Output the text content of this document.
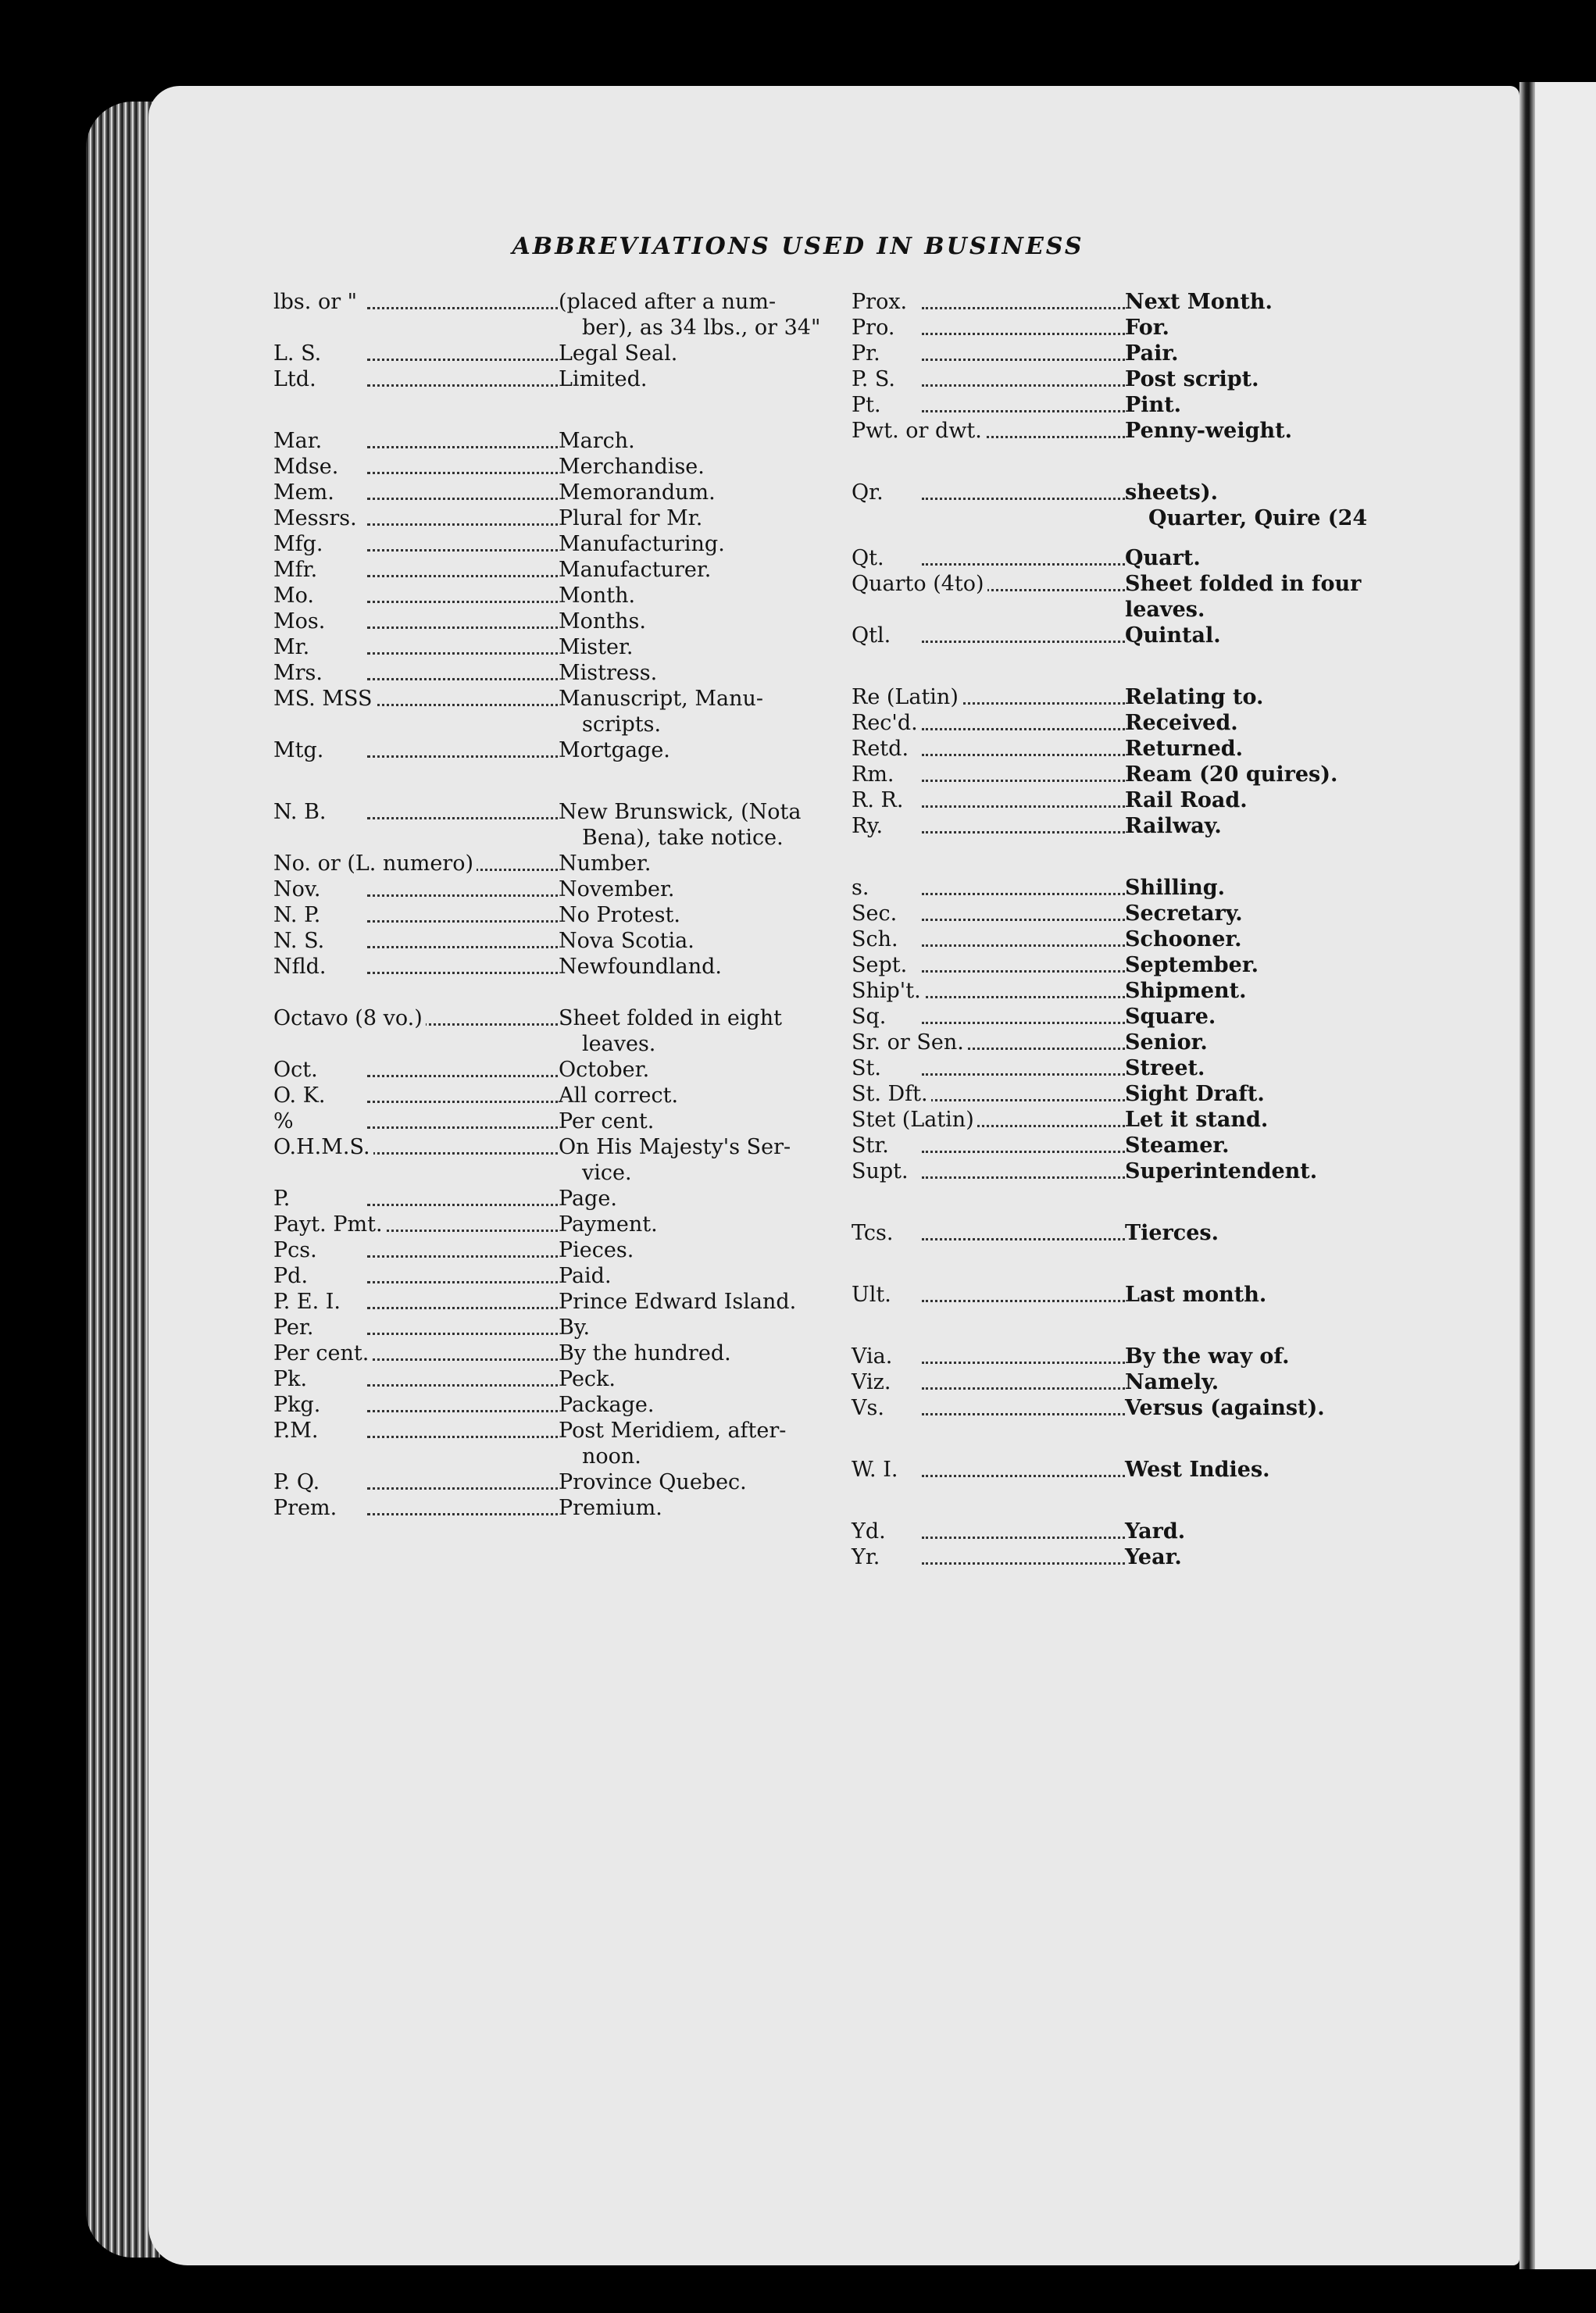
ABBREVIATIONS USED IN BUSINESS
lbs. or "	(placed after a num-
ber), as 34 lbs., or 34"
L. S.	Legal Seal.
Ltd.	Limited.
Mar.	March.
Mdse.	Merchandise.
Mem.	Memorandum.
Messrs.	Plural for Mr.
Mfg.	Manufacturing.
Mfr.	Manufacturer.
Mo.	Month.
Mos.	Months.
Mr.	Mister.
Mrs.	Mistress.
MS. MSS	Manuscript, Manu-
scripts.
Mtg.	Mortgage.
N. B.	New Brunswick, (Nota
Bena), take notice.
No. or (L. numero)	Number.
Nov.	November.
N. P.	No Protest.
N. S.	Nova Scotia.
Nfld.	Newfoundland.
Octavo (8 vo.)	Sheet folded in eight
leaves.
Oct.	October.
O. K.	All correct.
%	Per cent.
O.H.M.S.	On His Majesty's Ser-
vice.
P.	Page.
Payt. Pmt.	Payment.
Pcs.	Pieces.
Pd.	Paid.
P. E. I.	Prince Edward Island.
Per.	By.
Per cent.	By the hundred.
Pk.	Peck.
Pkg.	Package.
P.M.	Post Meridiem, after-
noon.
P. Q.	Province Quebec.
Prem.	Premium.
Prox.	Next Month.
Pro.	For.
Pr.	Pair.
P. S.	Post script.
Pt.	Pint.
Pwt. or dwt.	Penny-weight.
Qr.	sheets).
Quarter, Quire (24
Qt.	Quart.
Quarto (4to)	Sheet folded in four leaves.
Qtl.	Quintal.
Re (Latin)	Relating to.
Rec'd.	Received.
Retd.	Returned.
Rm.	Ream (20 quires).
R. R.	Rail Road.
Ry.	Railway.
s.	Shilling.
Sec.	Secretary.
Sch.	Schooner.
Sept.	September.
Ship't.	Shipment.
Sq.	Square.
Sr. or Sen.	Senior.
St.	Street.
St. Dft.	Sight Draft.
Stet (Latin)	Let it stand.
Str.	Steamer.
Supt.	Superintendent.
Tcs.	Tierces.
Ult.	Last month.
Via.	By the way of.
Viz.	Namely.
Vs.	Versus (against).
W. I.	West Indies.
Yd.	Yard.
Yr.	Year.
